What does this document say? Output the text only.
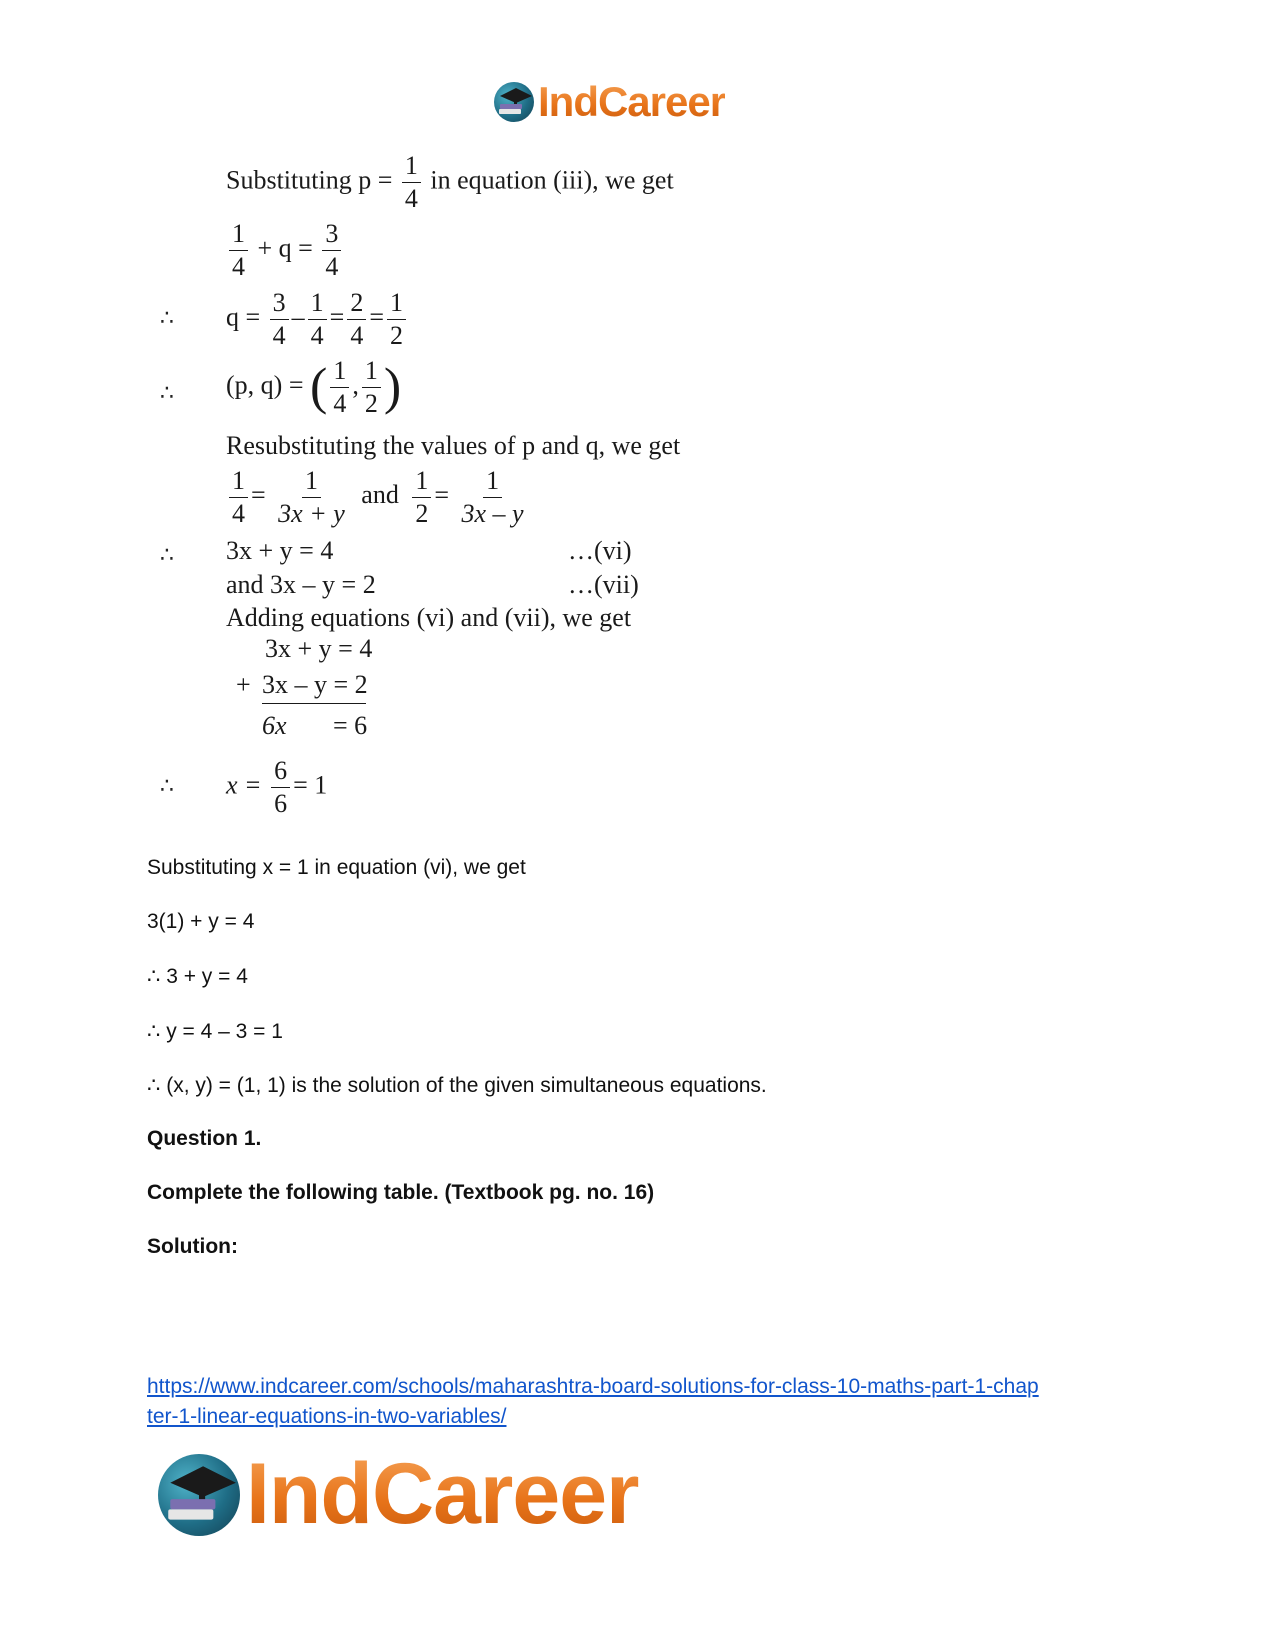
IndCareer
Substituting $p = \frac{1}{4}$ in equation (iii), we get
$\frac{1}{4} + q = \frac{3}{4}$
∴ $q = \frac{3}{4} - \frac{1}{4} = \frac{2}{4} = \frac{1}{2}$
∴ (p, q) = ( $\frac{1}{4}$ , $\frac{1}{2}$ )
Resubstituting the values of p and q, we get
$\frac{1}{4} = \frac{1}{3x + y}$ and $\frac{1}{2} = \frac{1}{3x - y}$
∴ 3x + y = 4	…(vi)
and 3x – y = 2	…(vii)
Adding equations (vi) and (vii), we get
3x + y = 4
+ 3x – y = 2
6x = 6
∴ $x = \frac{6}{6} = 1$
Substituting x = 1 in equation (vi), we get
3(1) + y = 4
∴ 3 + y = 4
∴ y = 4 – 3 = 1
∴ (x, y) = (1, 1) is the solution of the given simultaneous equations.
Question 1.
Complete the following table. (Textbook pg. no. 16)
Solution:
https://www.indcareer.com/schools/maharashtra-board-solutions-for-class-10-maths-part-1-chap
ter-1-linear-equations-in-two-variables/
IndCareer
